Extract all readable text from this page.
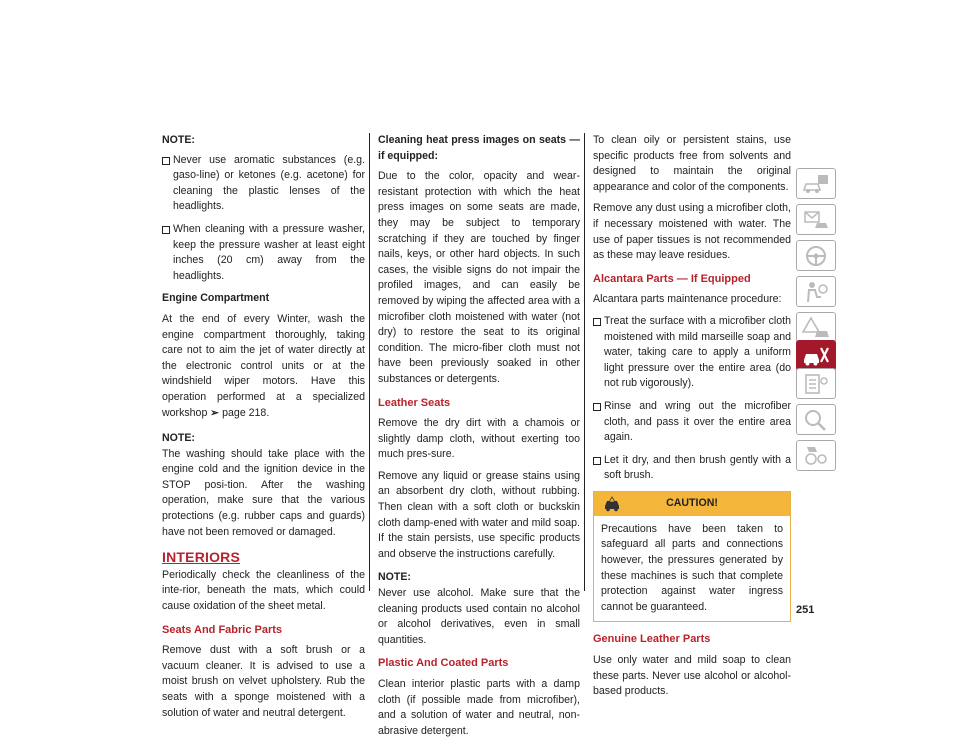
NOTE:

Never use aromatic substances (e.g. gaso-line) or ketones (e.g. acetone) for cleaning the plastic lenses of the headlights.
When cleaning with a pressure washer, keep the pressure washer at least eight inches (20 cm) away from the headlights.

Engine Compartment

At the end of every Winter, wash the engine compartment thoroughly, taking care not to aim the jet of water directly at the electronic control units or at the windshield wiper motors. Have this operation performed at a specialized workshop ➢ page 218.

NOTE:

The washing should take place with the engine cold and the ignition device in the STOP posi-tion. After the washing operation, make sure that the various protections (e.g. rubber caps and guards) have not been removed or damaged.

INTERIORS

Periodically check the cleanliness of the inte-rior, beneath the mats, which could cause oxidation of the sheet metal.

Seats And Fabric Parts

Remove dust with a soft brush or a vacuum cleaner. It is advised to use a moist brush on velvet upholstery. Rub the seats with a sponge moistened with a solution of water and neutral detergent.

Cleaning heat press images on seats — if equipped:

Due to the color, opacity and wear-resistant protection with which the heat press images on some seats are made, they may be subject to temporary scratching if they are touched by finger nails, keys, or other hard objects. In such cases, the visible signs do not impair the profiled images, and can easily be removed by wiping the affected area with a microfiber cloth moistened with water (not dry) to restore the seat to its original condition. The micro-fiber cloth must not have been previously soaked in other substances or detergents.

Leather Seats

Remove the dry dirt with a chamois or slightly damp cloth, without exerting too much pres-sure.

Remove any liquid or grease stains using an absorbent dry cloth, without rubbing. Then clean with a soft cloth or buckskin cloth damp-ened with water and mild soap. If the stain persists, use specific products and observe the instructions carefully.

NOTE:

Never use alcohol. Make sure that the cleaning products used contain no alcohol or alcohol derivatives, even in small quantities.

Plastic And Coated Parts

Clean interior plastic parts with a damp cloth (if possible made from microfiber), and a solution of water and neutral, non-abrasive detergent.

To clean oily or persistent stains, use specific products free from solvents and designed to maintain the original appearance and color of the components.

Remove any dust using a microfiber cloth, if necessary moistened with water. The use of paper tissues is not recommended as these may leave residues.

Alcantara Parts — If Equipped

Alcantara parts maintenance procedure:

Treat the surface with a microfiber cloth moistened with mild marseille soap and water, taking care to apply a uniform light pressure over the entire area (do not rub vigorously).
Rinse and wring out the microfiber cloth, and pass it over the entire area again.
Let it dry, and then brush gently with a soft brush.
CAUTION!

Precautions have been taken to safeguard all parts and connections however, the pressures generated by these machines is such that complete protection against water ingress cannot be guaranteed.

Genuine Leather Parts

Use only water and mild soap to clean these parts. Never use alcohol or alcohol-based products.

251
